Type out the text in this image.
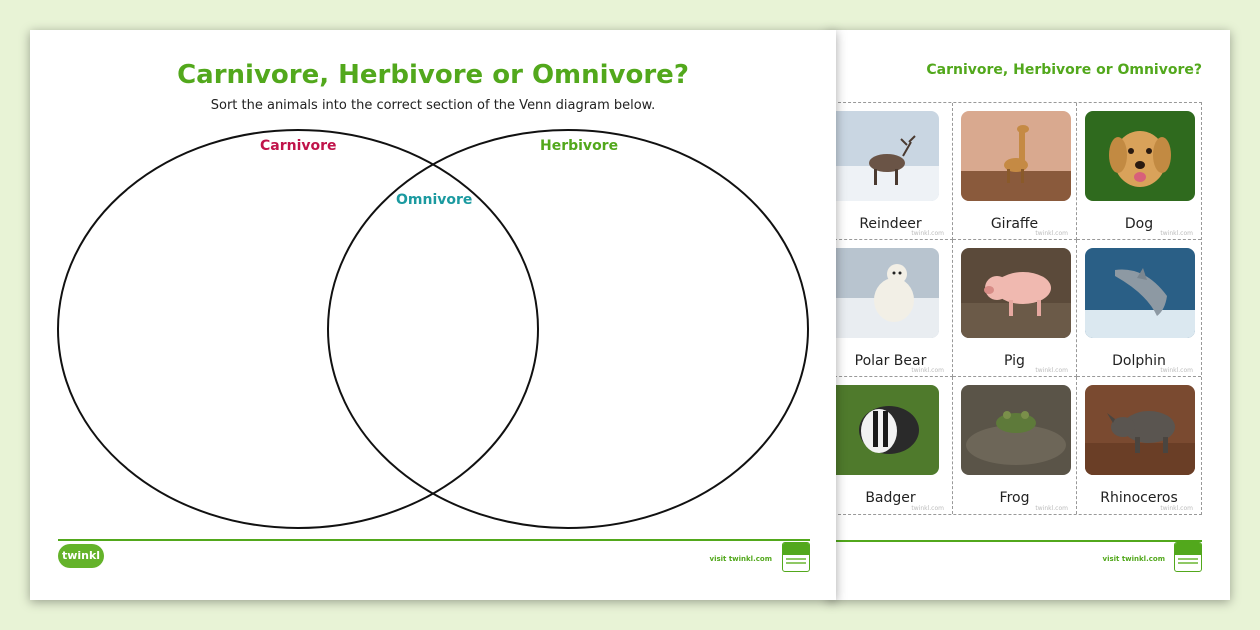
Carnivore, Herbivore or Omnivore?
Reindeer
twinkl.com
Giraffe
twinkl.com
Dog
twinkl.com
Polar Bear
twinkl.com
Pig
twinkl.com
Dolphin
twinkl.com
Badger
twinkl.com
Frog
twinkl.com
Rhinoceros
twinkl.com
visit twinkl.com
Carnivore, Herbivore or Omnivore?
Sort the animals into the correct section of the Venn diagram below.
Carnivore	Herbivore
Omnivore
twinkl	visit twinkl.com
